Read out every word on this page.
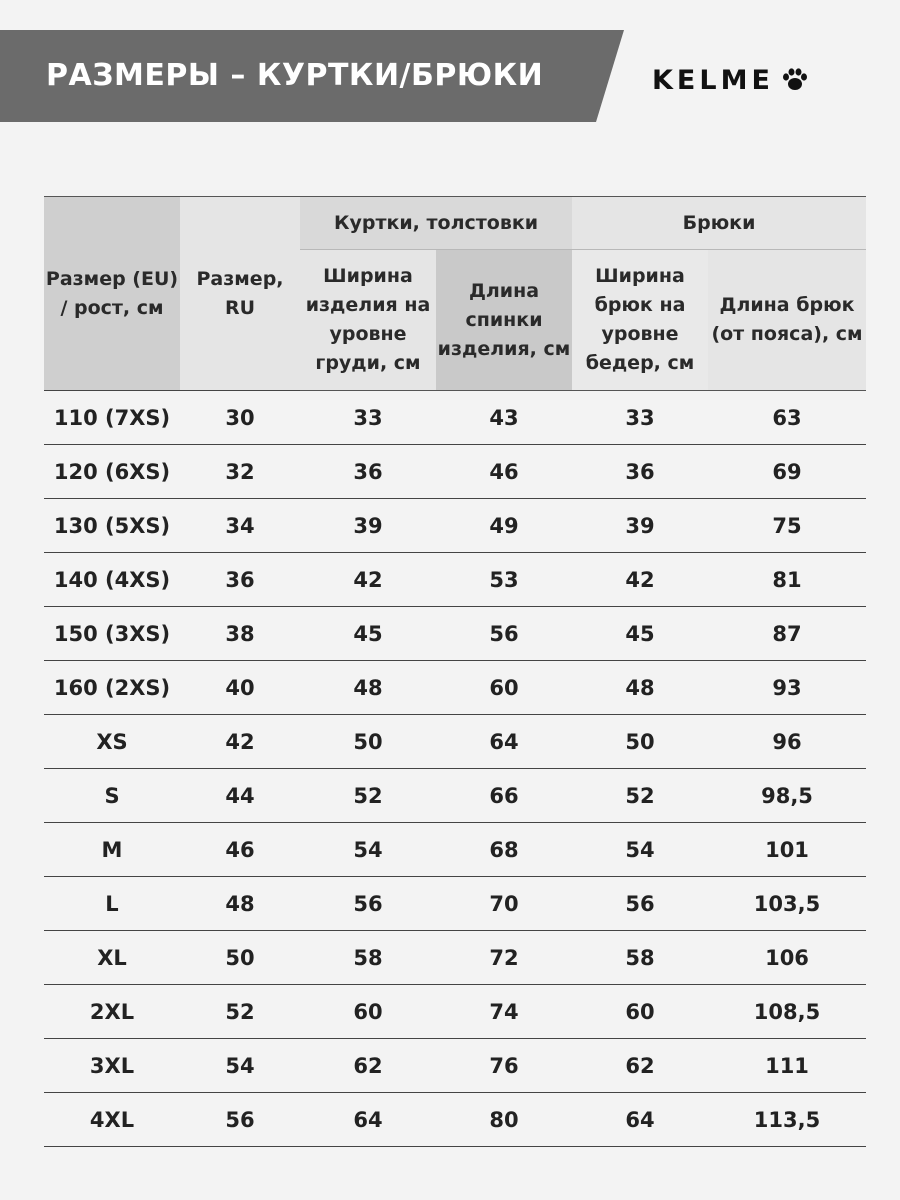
РАЗМЕРЫ – КУРТКИ/БРЮКИ	KELME
Размер (EU) / рост, см	Размер, RU	Куртки, толстовки		Брюки	
		Ширина изделия на уровне груди, см	Длина спинки изделия, см	Ширина брюк на уровне бедер, см	Длина брюк (от пояса), см
110 (7XS)	30	33	43	33	63
120 (6XS)	32	36	46	36	69
130 (5XS)	34	39	49	39	75
140 (4XS)	36	42	53	42	81
150 (3XS)	38	45	56	45	87
160 (2XS)	40	48	60	48	93
XS	42	50	64	50	96
S	44	52	66	52	98,5
M	46	54	68	54	101
L	48	56	70	56	103,5
XL	50	58	72	58	106
2XL	52	60	74	60	108,5
3XL	54	62	76	62	111
4XL	56	64	80	64	113,5
